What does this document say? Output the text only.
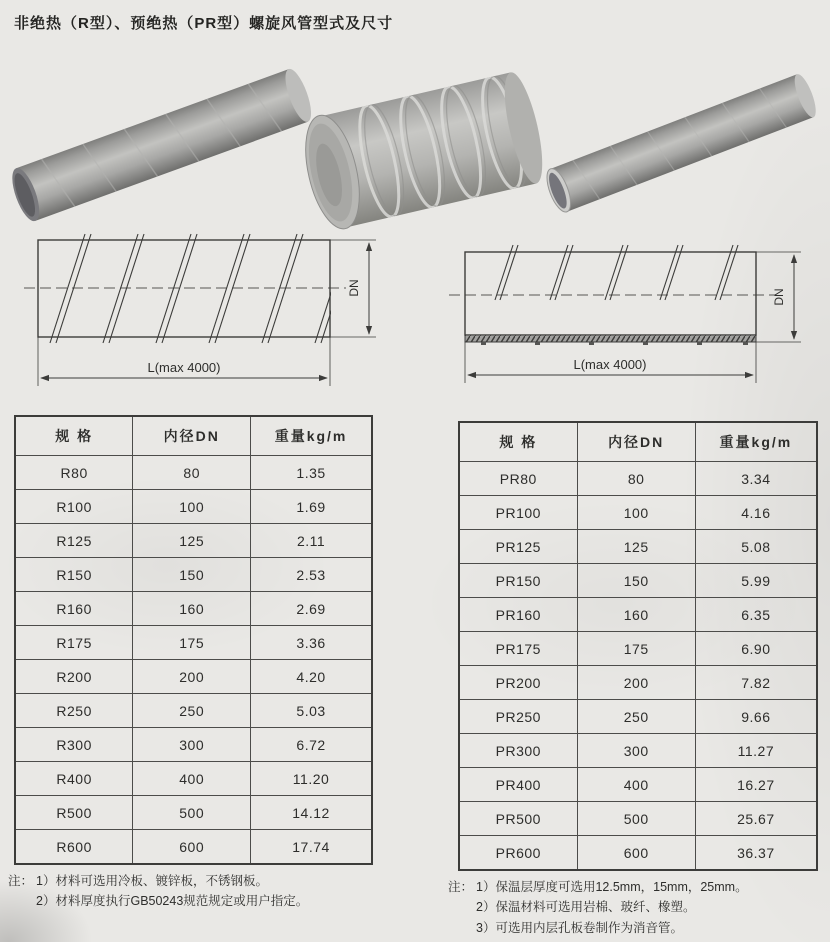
非绝热（R型）、预绝热（PR型）螺旋风管型式及尺寸
DN
L(max 4000)
DN
L(max 4000)
规 格	内径DN	重量kg/m
R80	80	1.35
R100	100	1.69
R125	125	2.11
R150	150	2.53
R160	160	2.69
R175	175	3.36
R200	200	4.20
R250	250	5.03
R300	300	6.72
R400	400	11.20
R500	500	14.12
R600	600	17.74
规 格	内径DN	重量kg/m
PR80	80	3.34
PR100	100	4.16
PR125	125	5.08
PR150	150	5.99
PR160	160	6.35
PR175	175	6.90
PR200	200	7.82
PR250	250	9.66
PR300	300	11.27
PR400	400	16.27
PR500	500	25.67
PR600	600	36.37
注： 1）材料可选用冷板、镀锌板，不锈钢板。
2）材料厚度执行GB50243规范规定或用户指定。
注： 1）保温层厚度可选用12.5mm，15mm，25mm。
2）保温材料可选用岩棉、玻纤、橡塑。
3）可选用内层孔板卷制作为消音管。
